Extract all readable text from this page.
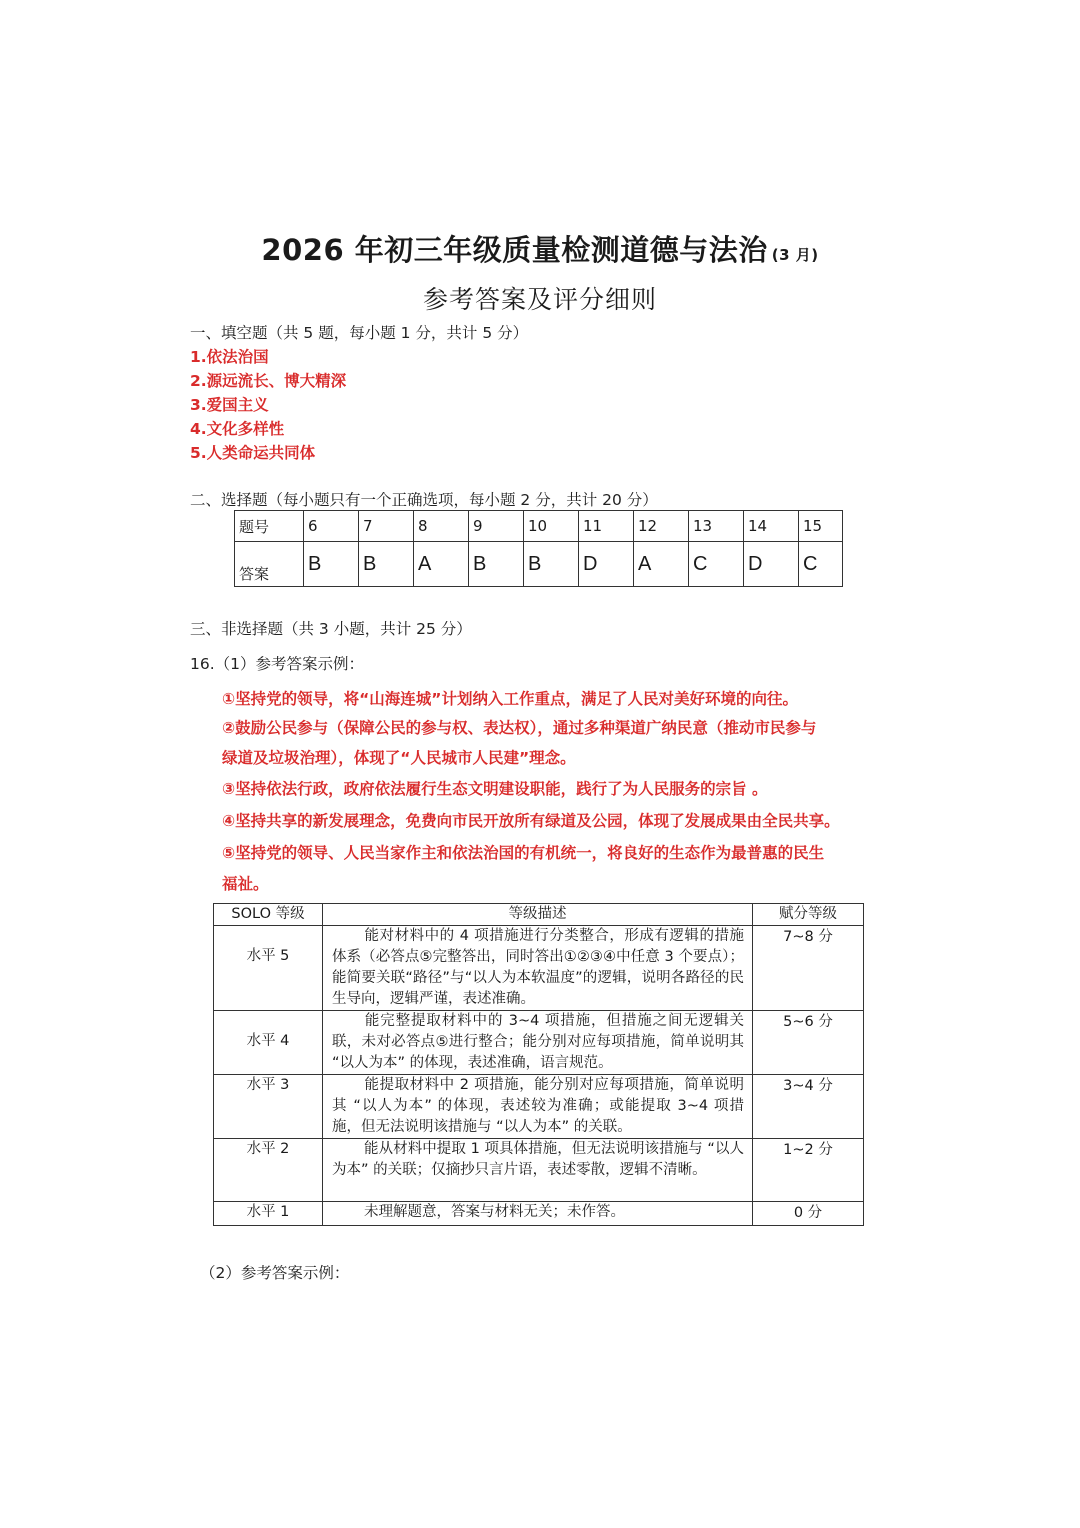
2026 年初三年级质量检测道德与法治 (3 月)
参考答案及评分细则
一、填空题（共 5 题，每小题 1 分，共计 5 分）
1.依法治国
2.源远流长、博大精深
3.爱国主义
4.文化多样性
5.人类命运共同体
二、选择题（每小题只有一个正确选项，每小题 2 分，共计 20 分）
题号	6	7	8	9	10	11	12	13	14	15
答案	B	B	A	B	B	D	A	C	D	C
三、非选择题（共 3 小题，共计 25 分）
16.（1）参考答案示例：
①坚持党的领导，将“山海连城”计划纳入工作重点，满足了人民对美好环境的向往。
②鼓励公民参与（保障公民的参与权、表达权），通过多种渠道广纳民意（推动市民参与
绿道及垃圾治理），体现了“人民城市人民建”理念。
③坚持依法行政，政府依法履行生态文明建设职能，践行了为人民服务的宗旨 。
④坚持共享的新发展理念，免费向市民开放所有绿道及公园，体现了发展成果由全民共享。
⑤坚持党的领导、人民当家作主和依法治国的有机统一，将良好的生态作为最普惠的民生
福祉。
SOLO 等级	等级描述	赋分等级
水平 5	能对材料中的 4 项措施进行分类整合，形成有逻辑的措施体系（必答点⑤完整答出，同时答出①②③④中任意 3 个要点）；能简要关联“路径”与“以人为本软温度”的逻辑，说明各路径的民生导向，逻辑严谨，表述准确。	7~8 分
水平 4	能完整提取材料中的 3~4 项措施，但措施之间无逻辑关联，未对必答点⑤进行整合；能分别对应每项措施，简单说明其 “以人为本” 的体现，表述准确，语言规范。	5~6 分
水平 3	能提取材料中 2 项措施，能分别对应每项措施，简单说明其 “以人为本” 的体现，表述较为准确；或能提取 3~4 项措施，但无法说明该措施与 “以人为本” 的关联。	3~4 分
水平 2	能从材料中提取 1 项具体措施，但无法说明该措施与 “以人为本” 的关联；仅摘抄只言片语，表述零散，逻辑不清晰。	1~2 分
水平 1	未理解题意，答案与材料无关；未作答。	0 分
（2）参考答案示例：
